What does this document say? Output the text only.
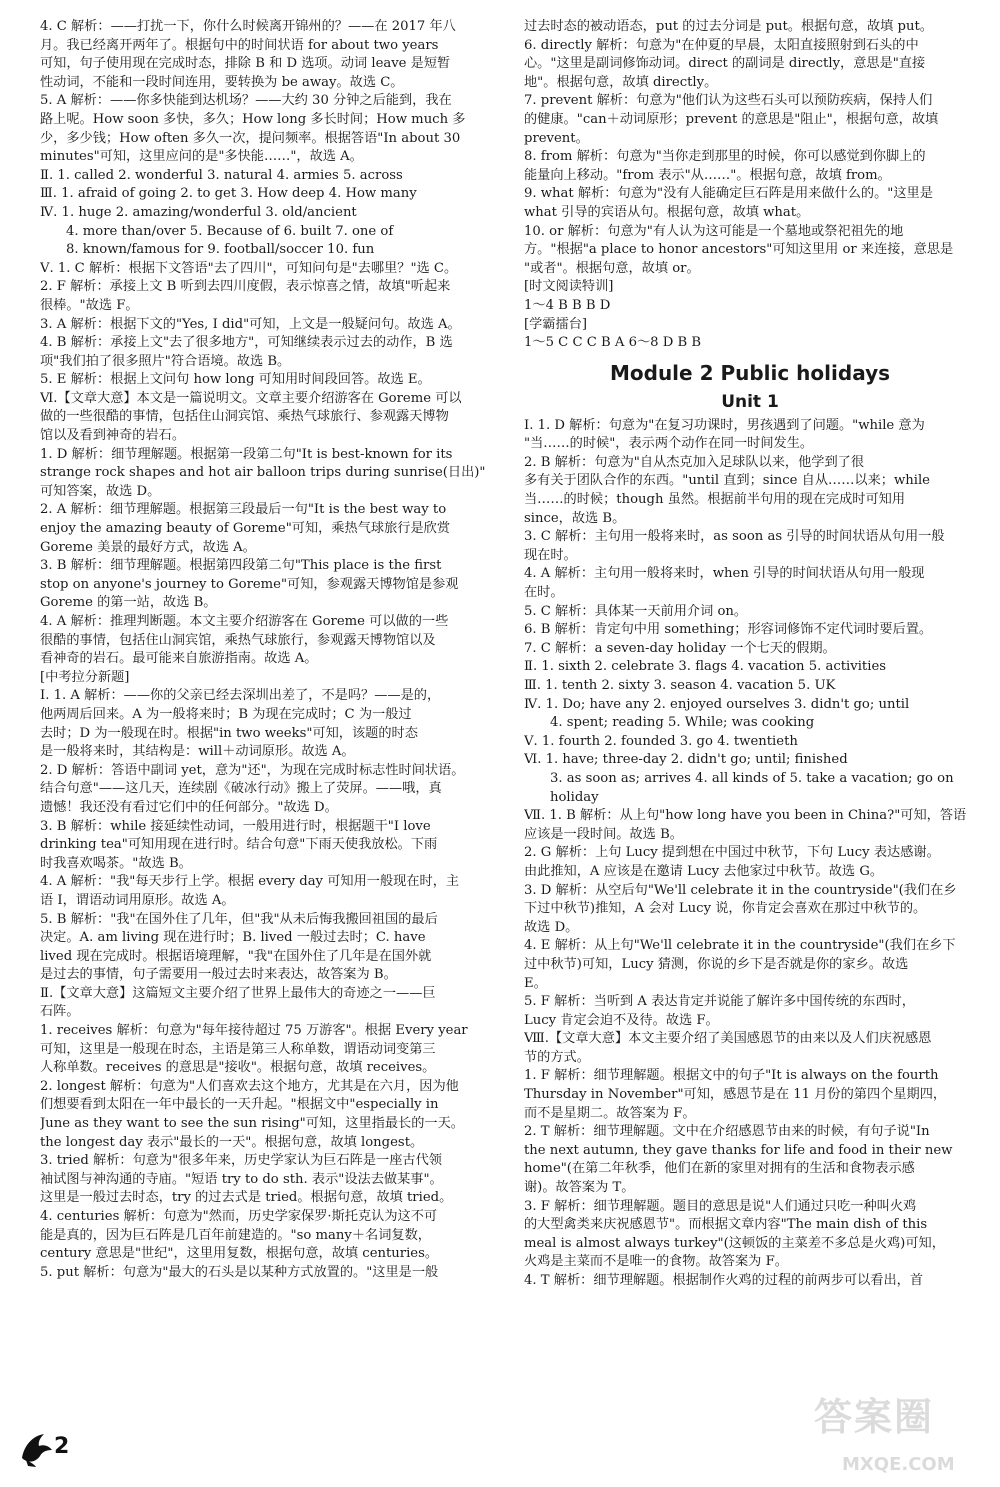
4. C 解析：——打扰一下，你什么时候离开锦州的？——在 2017 年八
月。我已经离开两年了。根据句中的时间状语 for about two years
可知，句子使用现在完成时态，排除 B 和 D 选项。动词 leave 是短暂
性动词，不能和一段时间连用，要转换为 be away。故选 C。
5. A 解析：——你多快能到达机场？——大约 30 分钟之后能到，我在
路上呢。How soon 多快，多久；How long 多长时间；How much 多
少，多少钱；How often 多久一次，提问频率。根据答语"In about 30
minutes"可知，这里应问的是"多快能……"，故选 A。
Ⅱ. 1. called 2. wonderful 3. natural 4. armies 5. across
Ⅲ. 1. afraid of going 2. to get 3. How deep 4. How many
Ⅳ. 1. huge 2. amazing/wonderful 3. old/ancient
4. more than/over 5. Because of 6. built 7. one of
8. known/famous for 9. football/soccer 10. fun
Ⅴ. 1. C 解析：根据下文答语"去了四川"，可知问句是"去哪里？"选 C。
2. F 解析：承接上文 B 听到去四川度假，表示惊喜之情，故填"听起来
很棒。"故选 F。
3. A 解析：根据下文的"Yes, I did"可知，上文是一般疑问句。故选 A。
4. B 解析：承接上文"去了很多地方"，可知继续表示过去的动作，B 选
项"我们拍了很多照片"符合语境。故选 B。
5. E 解析：根据上文问句 how long 可知用时间段回答。故选 E。
Ⅵ.【文章大意】本文是一篇说明文。文章主要介绍游客在 Goreme 可以
做的一些很酷的事情，包括住山洞宾馆、乘热气球旅行、参观露天博物
馆以及看到神奇的岩石。
1. D 解析：细节理解题。根据第一段第二句"It is best-known for its
strange rock shapes and hot air balloon trips during sunrise(日出)"
可知答案，故选 D。
2. A 解析：细节理解题。根据第三段最后一句"It is the best way to
enjoy the amazing beauty of Goreme"可知，乘热气球旅行是欣赏
Goreme 美景的最好方式，故选 A。
3. B 解析：细节理解题。根据第四段第二句"This place is the first
stop on anyone's journey to Goreme"可知，参观露天博物馆是参观
Goreme 的第一站，故选 B。
4. A 解析：推理判断题。本文主要介绍游客在 Goreme 可以做的一些
很酷的事情，包括住山洞宾馆，乘热气球旅行，参观露天博物馆以及
看神奇的岩石。最可能来自旅游指南。故选 A。
[中考拉分新题]
Ⅰ. 1. A 解析：——你的父亲已经去深圳出差了，不是吗？——是的，
他两周后回来。A 为一般将来时；B 为现在完成时；C 为一般过
去时；D 为一般现在时。根据"in two weeks"可知，该题的时态
是一般将来时，其结构是：will＋动词原形。故选 A。
2. D 解析：答语中副词 yet，意为"还"，为现在完成时标志性时间状语。
结合句意"——这几天，连续剧《破冰行动》搬上了荧屏。——哦，真
遗憾！我还没有看过它们中的任何部分。"故选 D。
3. B 解析：while 接延续性动词，一般用进行时，根据题干"I love
drinking tea"可知用现在进行时。结合句意"下雨天使我放松。下雨
时我喜欢喝茶。"故选 B。
4. A 解析："我"每天步行上学。根据 every day 可知用一般现在时，主
语 I，谓语动词用原形。故选 A。
5. B 解析："我"在国外住了几年，但"我"从未后悔我搬回祖国的最后
决定。A. am living 现在进行时；B. lived 一般过去时；C. have
lived 现在完成时。根据语境理解，"我"在国外住了几年是在国外就
是过去的事情，句子需要用一般过去时来表达，故答案为 B。
Ⅱ.【文章大意】这篇短文主要介绍了世界上最伟大的奇迹之一——巨
石阵。
1. receives 解析：句意为"每年接待超过 75 万游客"。根据 Every year
可知，这里是一般现在时态，主语是第三人称单数，谓语动词变第三
人称单数。receives 的意思是"接收"。根据句意，故填 receives。
2. longest 解析：句意为"人们喜欢去这个地方，尤其是在六月，因为他
们想要看到太阳在一年中最长的一天升起。"根据文中"especially in
June as they want to see the sun rising"可知，这里指最长的一天。
the longest day 表示"最长的一天"。根据句意，故填 longest。
3. tried 解析：句意为"很多年来，历史学家认为巨石阵是一座古代领
袖试图与神沟通的寺庙。"短语 try to do sth. 表示"设法去做某事"。
这里是一般过去时态，try 的过去式是 tried。根据句意，故填 tried。
4. centuries 解析：句意为"然而，历史学家保罗·斯托克认为这不可
能是真的，因为巨石阵是几百年前建造的。"so many＋名词复数，
century 意思是"世纪"，这里用复数，根据句意，故填 centuries。
5. put 解析：句意为"最大的石头是以某种方式放置的。"这里是一般
过去时态的被动语态，put 的过去分词是 put。根据句意，故填 put。
6. directly 解析：句意为"在仲夏的早晨，太阳直接照射到石头的中
心。"这里是副词修饰动词。direct 的副词是 directly，意思是"直接
地"。根据句意，故填 directly。
7. prevent 解析：句意为"他们认为这些石头可以预防疾病，保持人们
的健康。"can＋动词原形；prevent 的意思是"阻止"，根据句意，故填
prevent。
8. from 解析：句意为"当你走到那里的时候，你可以感觉到你脚上的
能量向上移动。"from 表示"从……"。根据句意，故填 from。
9. what 解析：句意为"没有人能确定巨石阵是用来做什么的。"这里是
what 引导的宾语从句。根据句意，故填 what。
10. or 解析：句意为"有人认为这可能是一个墓地或祭祀祖先的地
方。"根据"a place to honor ancestors"可知这里用 or 来连接，意思是
"或者"。根据句意，故填 or。
[时文阅读特训]
1～4 B B B D
[学霸擂台]
1～5 C C C B A 6～8 D B B
Module 2 Public holidays
Unit 1
Ⅰ. 1. D 解析：句意为"在复习功课时，男孩遇到了问题。"while 意为
"当……的时候"，表示两个动作在同一时间发生。
2. B 解析：句意为"自从杰克加入足球队以来，他学到了很
多有关于团队合作的东西。"until 直到；since 自从……以来；while
当……的时候；though 虽然。根据前半句用的现在完成时可知用
since，故选 B。
3. C 解析：主句用一般将来时，as soon as 引导的时间状语从句用一般
现在时。
4. A 解析：主句用一般将来时，when 引导的时间状语从句用一般现
在时。
5. C 解析：具体某一天前用介词 on。
6. B 解析：肯定句中用 something；形容词修饰不定代词时要后置。
7. C 解析：a seven-day holiday 一个七天的假期。
Ⅱ. 1. sixth 2. celebrate 3. flags 4. vacation 5. activities
Ⅲ. 1. tenth 2. sixty 3. season 4. vacation 5. UK
Ⅳ. 1. Do; have any 2. enjoyed ourselves 3. didn't go; until
4. spent; reading 5. While; was cooking
Ⅴ. 1. fourth 2. founded 3. go 4. twentieth
Ⅵ. 1. have; three-day 2. didn't go; until; finished
3. as soon as; arrives 4. all kinds of 5. take a vacation; go on
holiday
Ⅶ. 1. B 解析：从上句"how long have you been in China?"可知，答语
应该是一段时间。故选 B。
2. G 解析：上句 Lucy 提到想在中国过中秋节，下句 Lucy 表达感谢。
由此推知，A 应该是在邀请 Lucy 去他家过中秋节。故选 G。
3. D 解析：从空后句"We'll celebrate it in the countryside"(我们在乡
下过中秋节)推知，A 会对 Lucy 说，你肯定会喜欢在那过中秋节的。
故选 D。
4. E 解析：从上句"We'll celebrate it in the countryside"(我们在乡下
过中秋节)可知，Lucy 猜测，你说的乡下是否就是你的家乡。故选
E。
5. F 解析：当听到 A 表达肯定并说能了解许多中国传统的东西时，
Lucy 肯定会迫不及待。故选 F。
Ⅷ.【文章大意】本文主要介绍了美国感恩节的由来以及人们庆祝感恩
节的方式。
1. F 解析：细节理解题。根据文中的句子"It is always on the fourth
Thursday in November"可知，感恩节是在 11 月份的第四个星期四，
而不是星期二。故答案为 F。
2. T 解析：细节理解题。文中在介绍感恩节由来的时候，有句子说"In
the next autumn, they gave thanks for life and food in their new
home"(在第二年秋季，他们在新的家里对拥有的生活和食物表示感
谢)。故答案为 T。
3. F 解析：细节理解题。题目的意思是说"人们通过只吃一种叫火鸡
的大型禽类来庆祝感恩节"。而根据文章内容"The main dish of this
meal is almost always turkey"(这顿饭的主菜差不多总是火鸡)可知，
火鸡是主菜而不是唯一的食物。故答案为 F。
4. T 解析：细节理解题。根据制作火鸡的过程的前两步可以看出，首
2
答案圈
MXQE.COM
